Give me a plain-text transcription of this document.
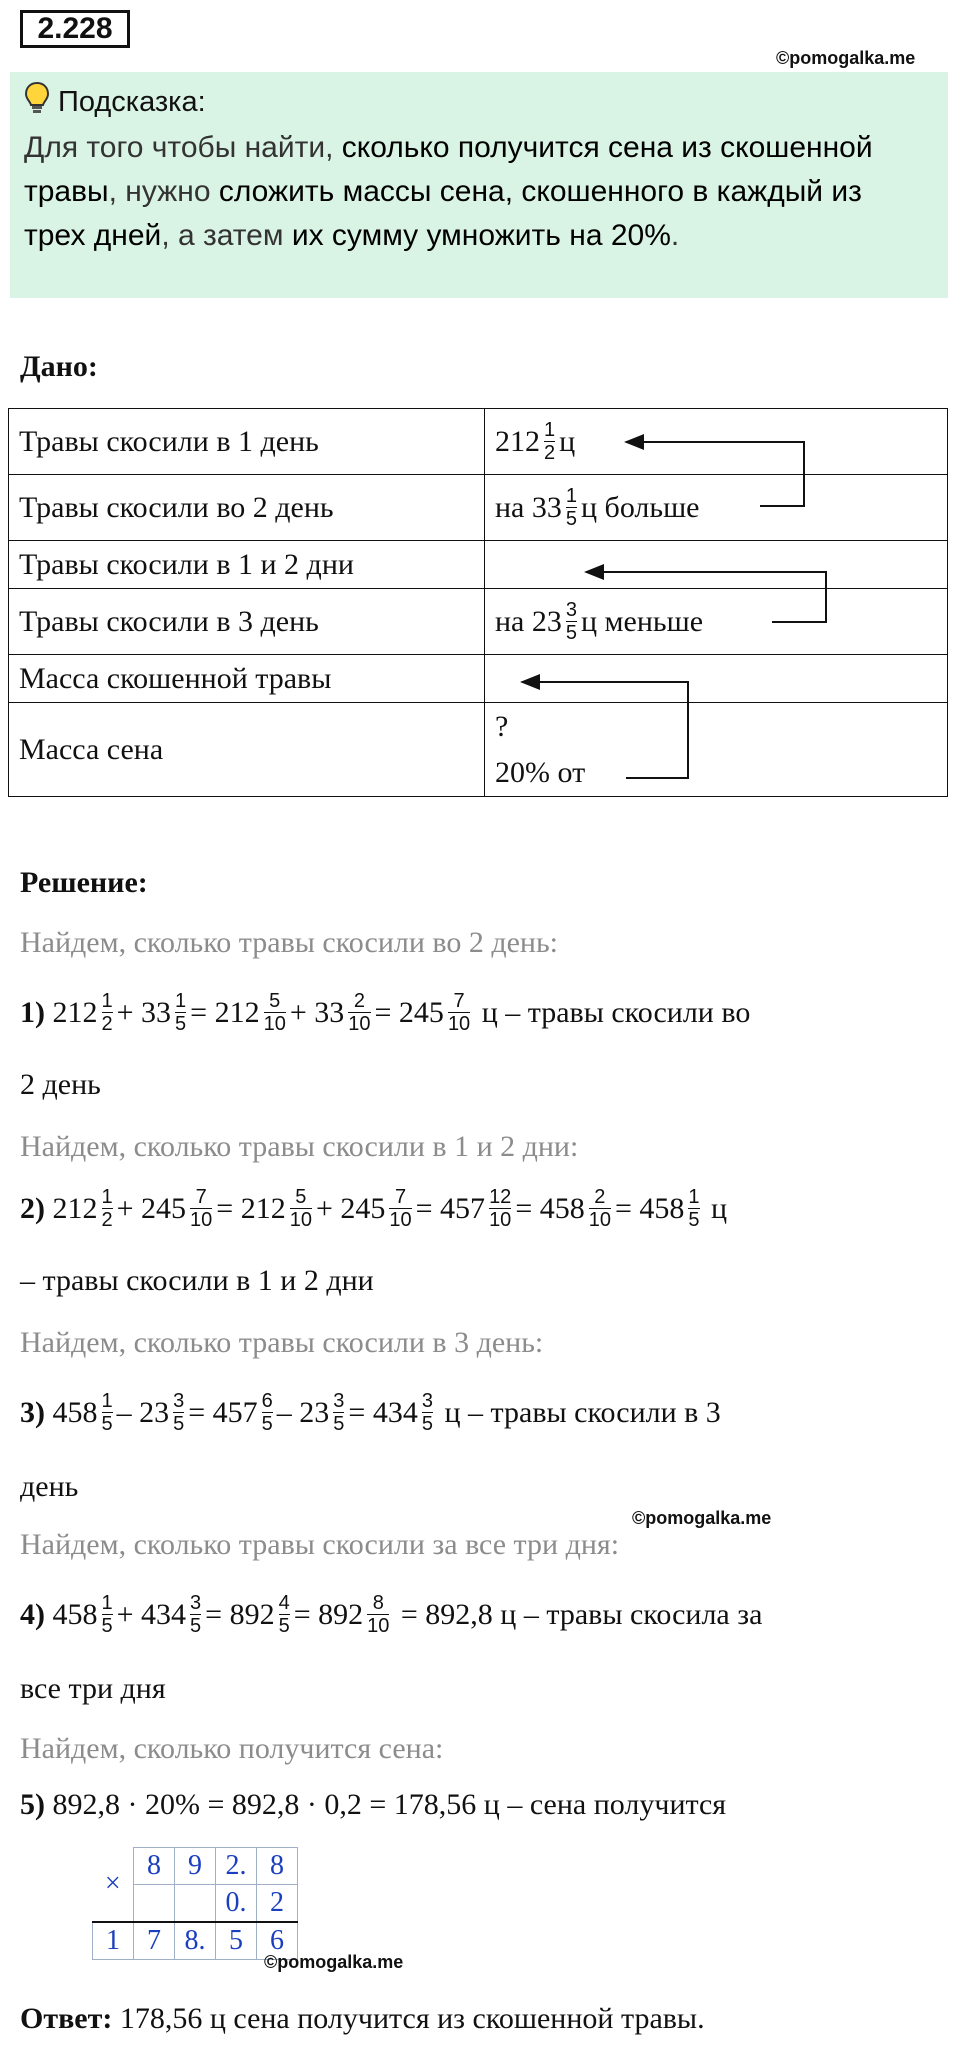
2.228
©pomogalka.me
Подсказка:
Для того чтобы найти, сколько получится сена из скошенной
травы, нужно сложить массы сена, скошенного в каждый из
трех дней, а затем их сумму умножить на 20%.
Дано:
Травы скосили в 1 день	$212 \frac{1}{2}$ ц

Травы скосили во 2 день	на $33 \frac{1}{5}$ ц больше

Травы скосили в 1 и 2 дни	
Травы скосили в 3 день	на $23 \frac{3}{5}$ ц меньше

Масса скошенной травы	
Масса сена	?
20% от
Решение:
Найдем, сколько травы скосили во 2 день:
1) $212 \frac{1}{2} + 33 \frac{1}{5} = 212 \frac{5}{10} + 33 \frac{2}{10} = 245 \frac{7}{10}$
ц – травы скосили во
2 день
Найдем, сколько травы скосили в 1 и 2 дни:
2) $212 \frac{1}{2} + 245 \frac{7}{10} = 212 \frac{5}{10} + 245 \frac{7}{10} = 457 \frac{12}{10} = 458 \frac{2}{10} = 458 \frac{1}{5}$ ц
– травы скосили в 1 и 2 дни
Найдем, сколько травы скосили в 3 день:
3) $458 \frac{1}{5} - 23 \frac{3}{5} = 457 \frac{6}{5} - 23 \frac{3}{5} = 434 \frac{3}{5}$
ц – травы скосили в 3
день
©pomogalka.me
Найдем, сколько травы скосили за все три дня:
4) $458 \frac{1}{5} + 434 \frac{3}{5} = 892 \frac{4}{5} = 892 \frac{8}{10}$
= 892,8 ц – травы скосила за
все три дня
Найдем, сколько получится сена:
5)
892,8 · 20% = 892,8 · 0,2 = 178,56 ц – сена получится
×	8	9	2.	8
			0.	2
1	7	8.	5	6
©pomogalka.me
Ответ: 178,56 ц сена получится из скошенной травы.
